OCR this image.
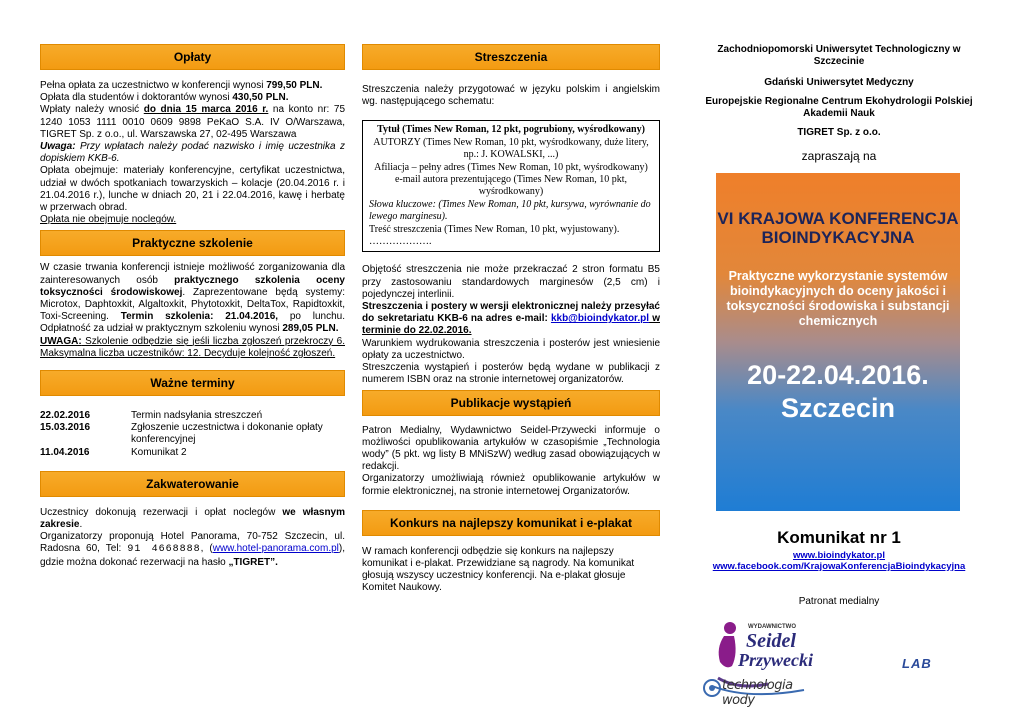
Opłaty

Pełna opłata za uczestnictwo w konferencji wynosi 799,50 PLN.

Opłata dla studentów i doktorantów wynosi 430,50 PLN.

Wpłaty należy wnosić do dnia 15 marca 2016 r. na konto nr: 75 1240 1053 1111 0010 0609 9898 PeKaO S.A. IV O/Warszawa, TIGRET Sp. z o.o., ul. Warszawska 27, 02-495 Warszawa

Uwaga: Przy wpłatach należy podać nazwisko i imię uczestnika z dopiskiem KKB-6.

Opłata obejmuje: materiały konferencyjne, certyfikat uczestnictwa, udział w dwóch spotkaniach towarzyskich – kolacje (20.04.2016 r. i 21.04.2016 r.), lunche w dniach 20, 21 i 22.04.2016, kawę i herbatę w przerwach obrad.

Opłata nie obejmuje noclegów.

Praktyczne szkolenie

W czasie trwania konferencji istnieje możliwość zorganizowania dla zainteresowanych osób praktycznego szkolenia oceny toksyczności środowiskowej. Zaprezentowane będą systemy: Microtox, Daphtoxkit, Algaltoxkit, Phytotoxkit, DeltaTox, Rapidtoxkit, Toxi-Screening. Termin szkolenia: 21.04.2016, po lunchu. Odpłatność za udział w praktycznym szkoleniu wynosi 289,05 PLN.

UWAGA: Szkolenie odbędzie się jeśli liczba zgłoszeń przekroczy 6. Maksymalna liczba uczestników: 12. Decyduje kolejność zgłoszeń.

Ważne terminy
22.02.2016	Termin nadsyłania streszczeń
15.03.2016	Zgłoszenie uczestnictwa i dokonanie opłaty konferencyjnej
11.04.2016	Komunikat 2
Zakwaterowanie

Uczestnicy dokonują rezerwacji i opłat noclegów we własnym zakresie.

Organizatorzy proponują Hotel Panorama, 70-752 Szczecin, ul. Radosna 60, Tel: 91 4668888, (www.hotel-panorama.com.pl), gdzie można dokonać rezerwacji na hasło „TIGRET”.

Streszczenia

Streszczenia należy przygotować w języku polskim i angielskim wg. następującego schematu:

Tytuł (Times New Roman, 12 pkt, pogrubiony, wyśrodkowany)
AUTORZY (Times New Roman, 10 pkt, wyśrodkowany, duże litery, np.: J. KOWALSKI, ...)
Afiliacja – pełny adres (Times New Roman, 10 pkt, wyśrodkowany)
e-mail autora prezentującego (Times New Roman, 10 pkt, wyśrodkowany)
Słowa kluczowe: (Times New Roman, 10 pkt, kursywa, wyrównanie do lewego marginesu).
Treść streszczenia (Times New Roman, 10 pkt, wyjustowany).
……………….

Objętość streszczenia nie może przekraczać 2 stron formatu B5 przy zastosowaniu standardowych marginesów (2,5 cm) i pojedynczej interlinii.

Streszczenia i postery w wersji elektronicznej należy przesyłać do sekretariatu KKB-6 na adres e-mail: kkb@bioindykator.pl w terminie do 22.02.2016.

Warunkiem wydrukowania streszczenia i posterów jest wniesienie opłaty za uczestnictwo.

Streszczenia wystąpień i posterów będą wydane w publikacji z numerem ISBN oraz na stronie internetowej organizatorów.

Publikacje wystąpień

Patron Medialny, Wydawnictwo Seidel-Przywecki informuje o możliwości opublikowania artykułów w czasopiśmie „Technologia wody” (5 pkt. wg listy B MNiSzW) według zasad obowiązujących w redakcji.

Organizatorzy umożliwiają również opublikowanie artykułów w formie elektronicznej, na stronie internetowej Organizatorów.

Konkurs na najlepszy komunikat i e-plakat

W ramach konferencji odbędzie się konkurs na najlepszy komunikat i e-plakat. Przewidziane są nagrody. Na komunikat głosują wszyscy uczestnicy konferencji. Na e-plakat głosuje Komitet Naukowy.

Zachodniopomorski Uniwersytet Technologiczny w Szczecinie
Gdański Uniwersytet Medyczny
Europejskie Regionalne Centrum Ekohydrologii Polskiej Akademii Nauk
TIGRET Sp. z o.o.
zapraszają na
VI KRAJOWA KONFERENCJA BIOINDYKACYJNA
Praktyczne wykorzystanie systemów bioindykacyjnych do oceny jakości i toksyczności środowiska i substancji chemicznych
20-22.04.2016.
Szczecin
Komunikat nr 1
www.bioindykator.pl
www.facebook.com/KrajowaKonferencjaBioindykacyjna
Patronat medialny
WYDAWNICTWO
Seidel
Przywecki
technologia wody
LAB
